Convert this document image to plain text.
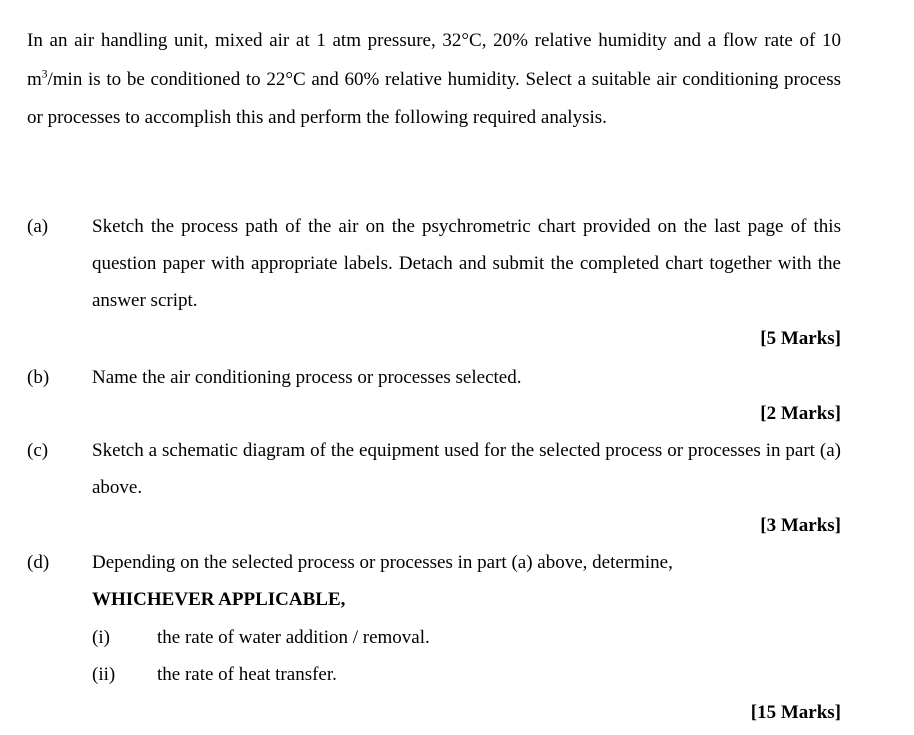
In an air handling unit, mixed air at 1 atm pressure, 32°C, 20% relative humidity and a flow rate of 10 $m^3/\min$ is to be conditioned to 22°C and 60% relative humidity. Select a suitable air conditioning process or processes to accomplish this and perform the following required analysis.

(a) Sketch the process path of the air on the psychrometric chart provided on the last page of this question paper with appropriate labels. Detach and submit the completed chart together with the answer script.
[5 Marks]
(b) Name the air conditioning process or processes selected.
[2 Marks]
(c) Sketch a schematic diagram of the equipment used for the selected process or processes in part (a) above.
[3 Marks]
(d) Depending on the selected process or processes in part (a) above, determine,
WHICHEVER APPLICABLE,
(i) the rate of water addition / removal.
(ii) the rate of heat transfer.
[15 Marks]
